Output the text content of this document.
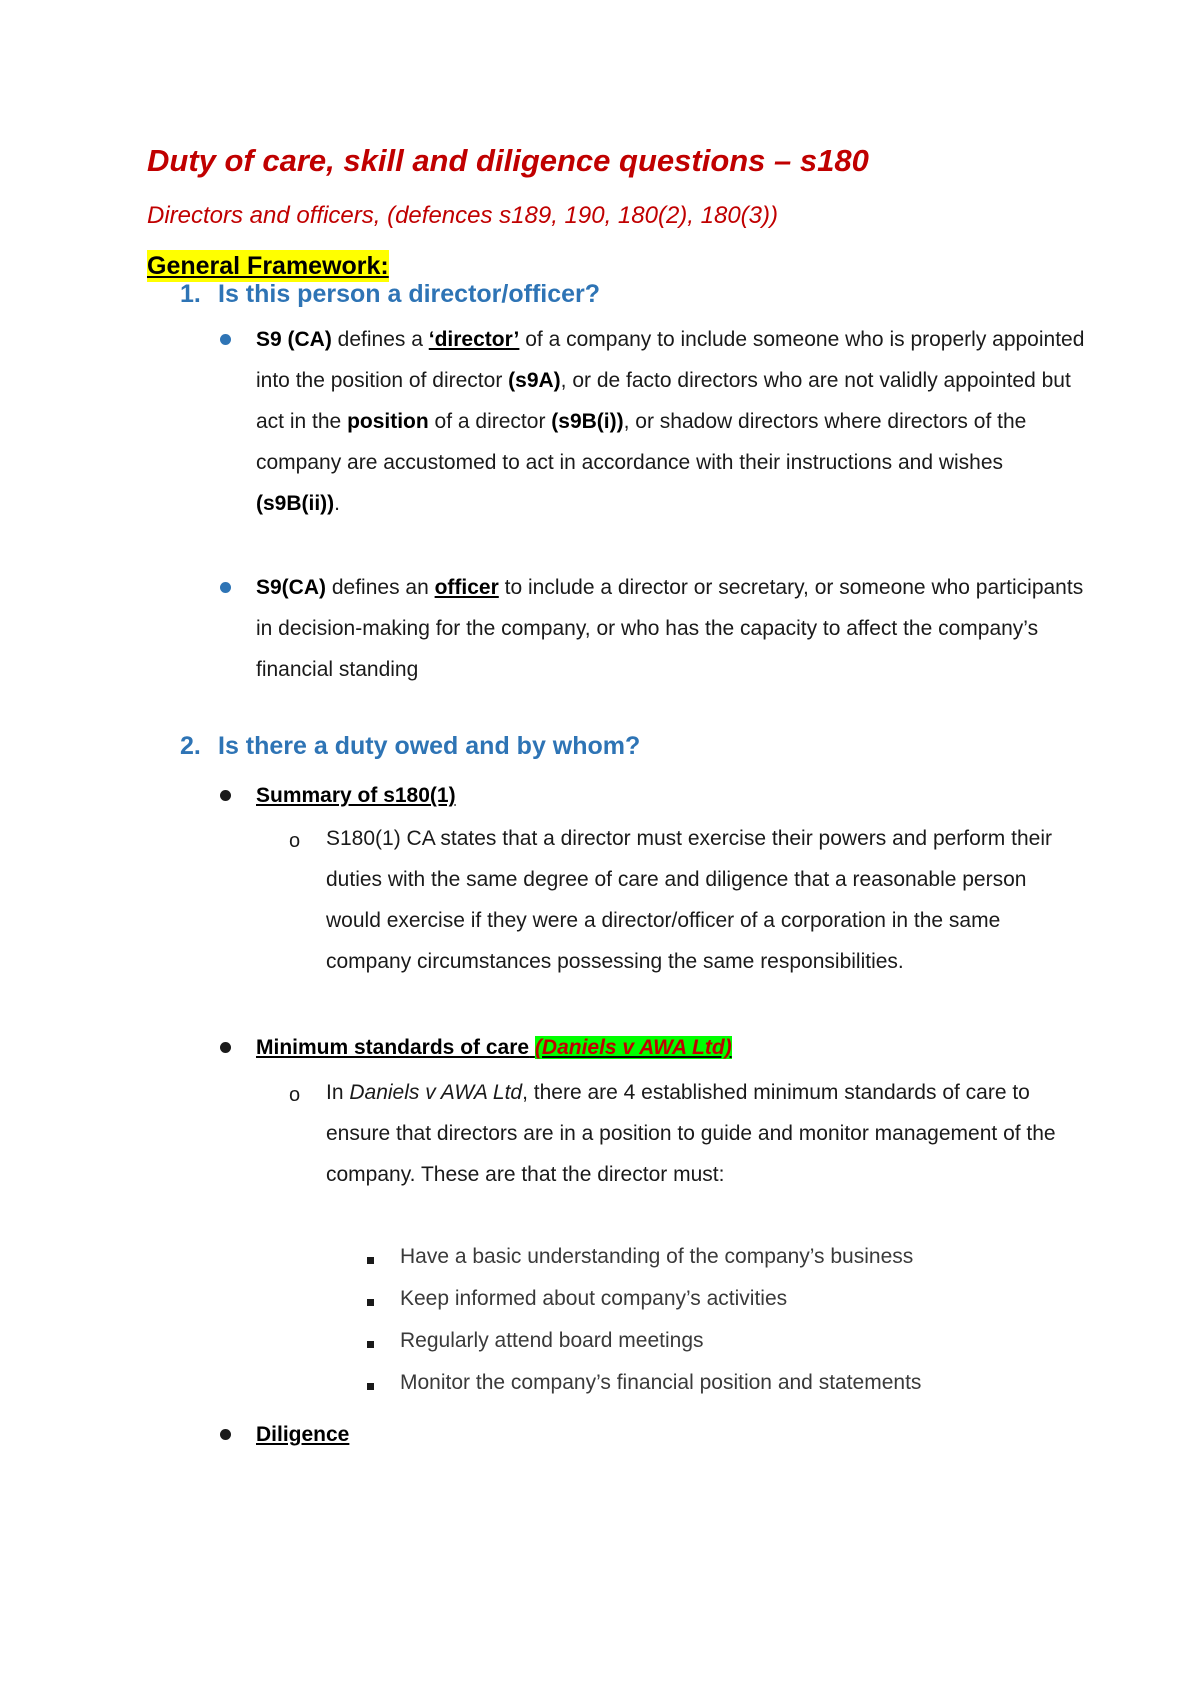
Duty of care, skill and diligence questions – s180
Directors and officers, (defences s189, 190, 180(2), 180(3))
General Framework:
1. Is this person a director/officer?
S9 (CA) defines a ‘director’ of a company to include someone who is properly appointed into the position of director (s9A), or de facto directors who are not validly appointed but act in the position of a director (s9B(i)), or shadow directors where directors of the company are accustomed to act in accordance with their instructions and wishes (s9B(ii)).
S9(CA) defines an officer to include a director or secretary, or someone who participants in decision-making for the company, or who has the capacity to affect the company’s financial standing
2. Is there a duty owed and by whom?
Summary of s180(1)
o S180(1) CA states that a director must exercise their powers and perform their duties with the same degree of care and diligence that a reasonable person would exercise if they were a director/officer of a corporation in the same company circumstances possessing the same responsibilities.
Minimum standards of care (Daniels v AWA Ltd)
o In Daniels v AWA Ltd, there are 4 established minimum standards of care to ensure that directors are in a position to guide and monitor management of the company. These are that the director must:
Have a basic understanding of the company’s business
Keep informed about company’s activities
Regularly attend board meetings
Monitor the company’s financial position and statements
Diligence
